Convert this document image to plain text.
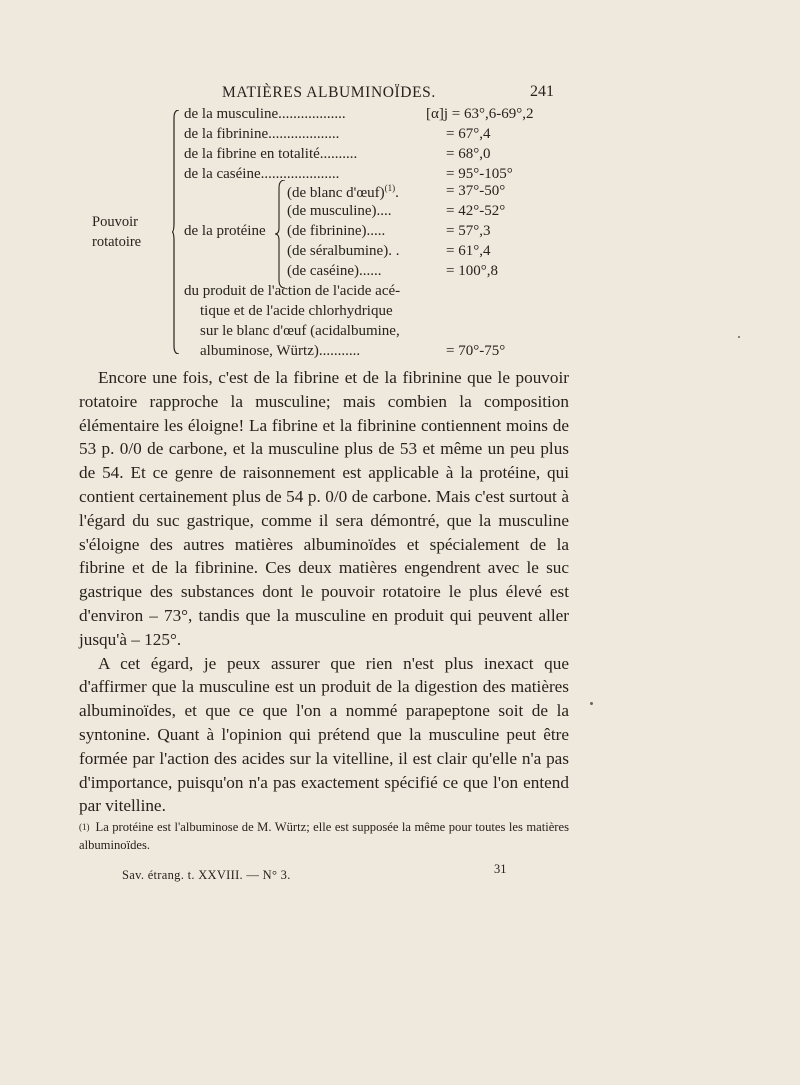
MATIÈRES ALBUMINOÏDES.	241
Pouvoir
rotatoire
de la musculine..................	[α]j = 63°,6-69°,2
de la fibrinine...................	= 67°,4
de la fibrine en totalité..........	= 68°,0
de la caséine.....................	= 95°-105°
de la protéine
(de blanc d'œuf)$^{(1)}$.	= 37°-50°
(de musculine)....	= 42°-52°
(de fibrinine).....	= 57°,3
(de séralbumine). .	= 61°,4
(de caséine)......	= 100°,8
du produit de l'action de l'acide acé-
tique et de l'acide chlorhydrique
sur le blanc d'œuf (acidalbumine,
albuminose, Würtz)...........	= 70°-75°

Encore une fois, c'est de la fibrine et de la fibrinine que le pouvoir rotatoire rapproche la musculine; mais combien la composition élémentaire les éloigne! La fibrine et la fibrinine contiennent moins de 53 p. 0/0 de carbone, et la musculine plus de 53 et même un peu plus de 54. Et ce genre de raisonnement est applicable à la protéine, qui contient certainement plus de 54 p. 0/0 de carbone. Mais c'est surtout à l'égard du suc gastrique, comme il sera démontré, que la musculine s'éloigne des autres matières albuminoïdes et spécialement de la fibrine et de la fibrinine. Ces deux matières engendrent avec le suc gastrique des substances dont le pouvoir rotatoire le plus élevé est d'environ – 73°, tandis que la musculine en produit qui peuvent aller jusqu'à – 125°.

A cet égard, je peux assurer que rien n'est plus inexact que d'affirmer que la musculine est un produit de la digestion des matières albuminoïdes, et que ce que l'on a nommé parapeptone soit de la syntonine. Quant à l'opinion qui prétend que la musculine peut être formée par l'action des acides sur la vitelline, il est clair qu'elle n'a pas d'importance, puisqu'on n'a pas exactement spécifié ce que l'on entend par vitelline.

$^{(1)}$ La protéine est l'albuminose de M. Würtz; elle est supposée la même pour toutes les matières albuminoïdes.
Sav. étrang. t. XXVIII. — N° 3.	31
